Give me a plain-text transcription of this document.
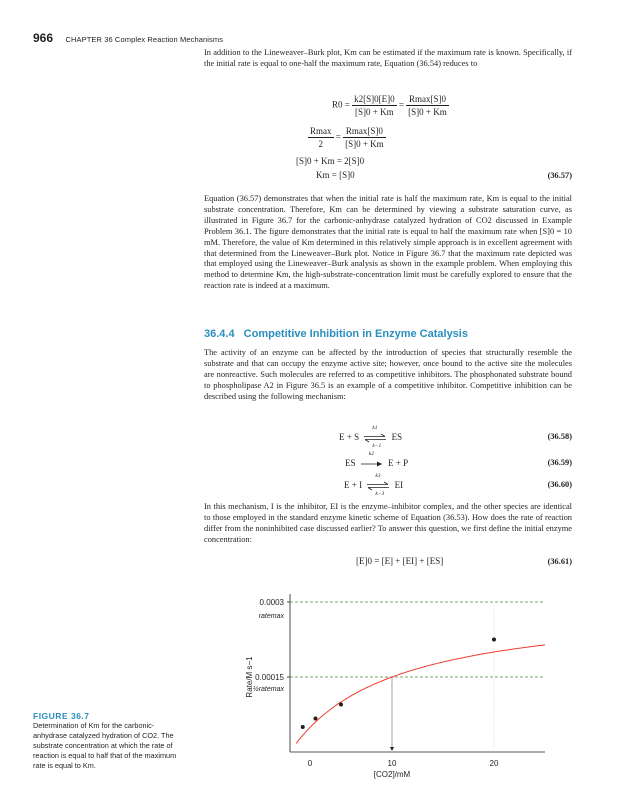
966 CHAPTER 36 Complex Reaction Mechanisms

In addition to the Lineweaver–Burk plot, Km can be estimated if the maximum rate is known. Specifically, if the initial rate is equal to one-half the maximum rate, Equation (36.54) reduces to

$R0 = \frac{k2[S]0[E]0}{[S]0 + Km} = \frac{Rmax[S]0}{[S]0 + Km}$
$\frac{Rmax}{2} = \frac{Rmax[S]0}{[S]0 + Km}$
[S]0 + Km = 2[S]0
Km = [S]0	(36.57)

Equation (36.57) demonstrates that when the initial rate is half the maximum rate, Km is equal to the initial substrate concentration. Therefore, Km can be determined by viewing a substrate saturation curve, as illustrated in Figure 36.7 for the carbonic-anhydrase catalyzed hydration of CO2 discussed in Example Problem 36.1. The figure demonstrates that the initial rate is equal to half the maximum rate when [S]0 = 10 mM. Therefore, the value of Km determined in this relatively simple approach is in excellent agreement with that determined from the Lineweaver–Burk plot. Notice in Figure 36.7 that the maximum rate depicted was that employed using the Lineweaver–Burk analysis as shown in the example problem. When employing this method to determine Km, the high-substrate-concentration limit must be carefully explored to ensure that the reaction rate is indeed at a maximum.

36.4.4 Competitive Inhibition in Enzyme Catalysis

The activity of an enzyme can be affected by the introduction of species that structurally resemble the substrate and that can occupy the enzyme active site; however, once bound to the active site the molecules are nonreactive. Such molecules are referred to as competitive inhibitors. The phosphonated substrate bound to phospholipase A2 in Figure 36.5 is an example of a competitive inhibitor. Competitive inhibition can be described using the following mechanism:

E + S
k1
k−1
ES	(36.58)
ES
k2
E + P	(36.59)
E + I
k3
k−3
EI	(36.60)

In this mechanism, I is the inhibitor, EI is the enzyme–inhibitor complex, and the other species are identical to those employed in the standard enzyme kinetic scheme of Equation (36.53). How does the rate of reaction differ from the noninhibited case discussed earlier? To answer this question, we first define the initial enzyme concentration:

[E]0 = [E] + [EI] + [ES]	(36.61)
FIGURE 36.7
Determination of Km for the carbonic-anhydrase catalyzed hydration of CO2. The substrate concentration at which the rate of reaction is equal to half that of the maximum rate is equal to Km.
0.0003
ratemax
0.00015
½ratemax
0	10	20
[CO2]/mM
Rate/M s−1
